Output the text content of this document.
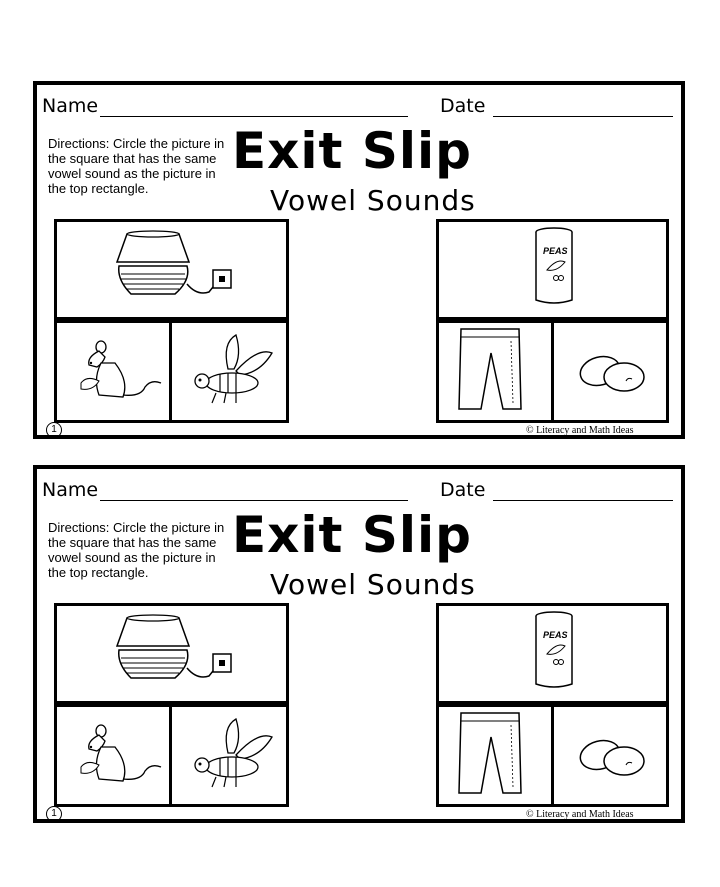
Name	Date
Directions: Circle the picture in the square that has the same vowel sound as the picture in the top rectangle.
Exit Slip
Vowel Sounds
PEAS
1	© Literacy and Math Ideas
Name	Date
Directions: Circle the picture in the square that has the same vowel sound as the picture in the top rectangle.
Exit Slip
Vowel Sounds
PEAS
1	© Literacy and Math Ideas
